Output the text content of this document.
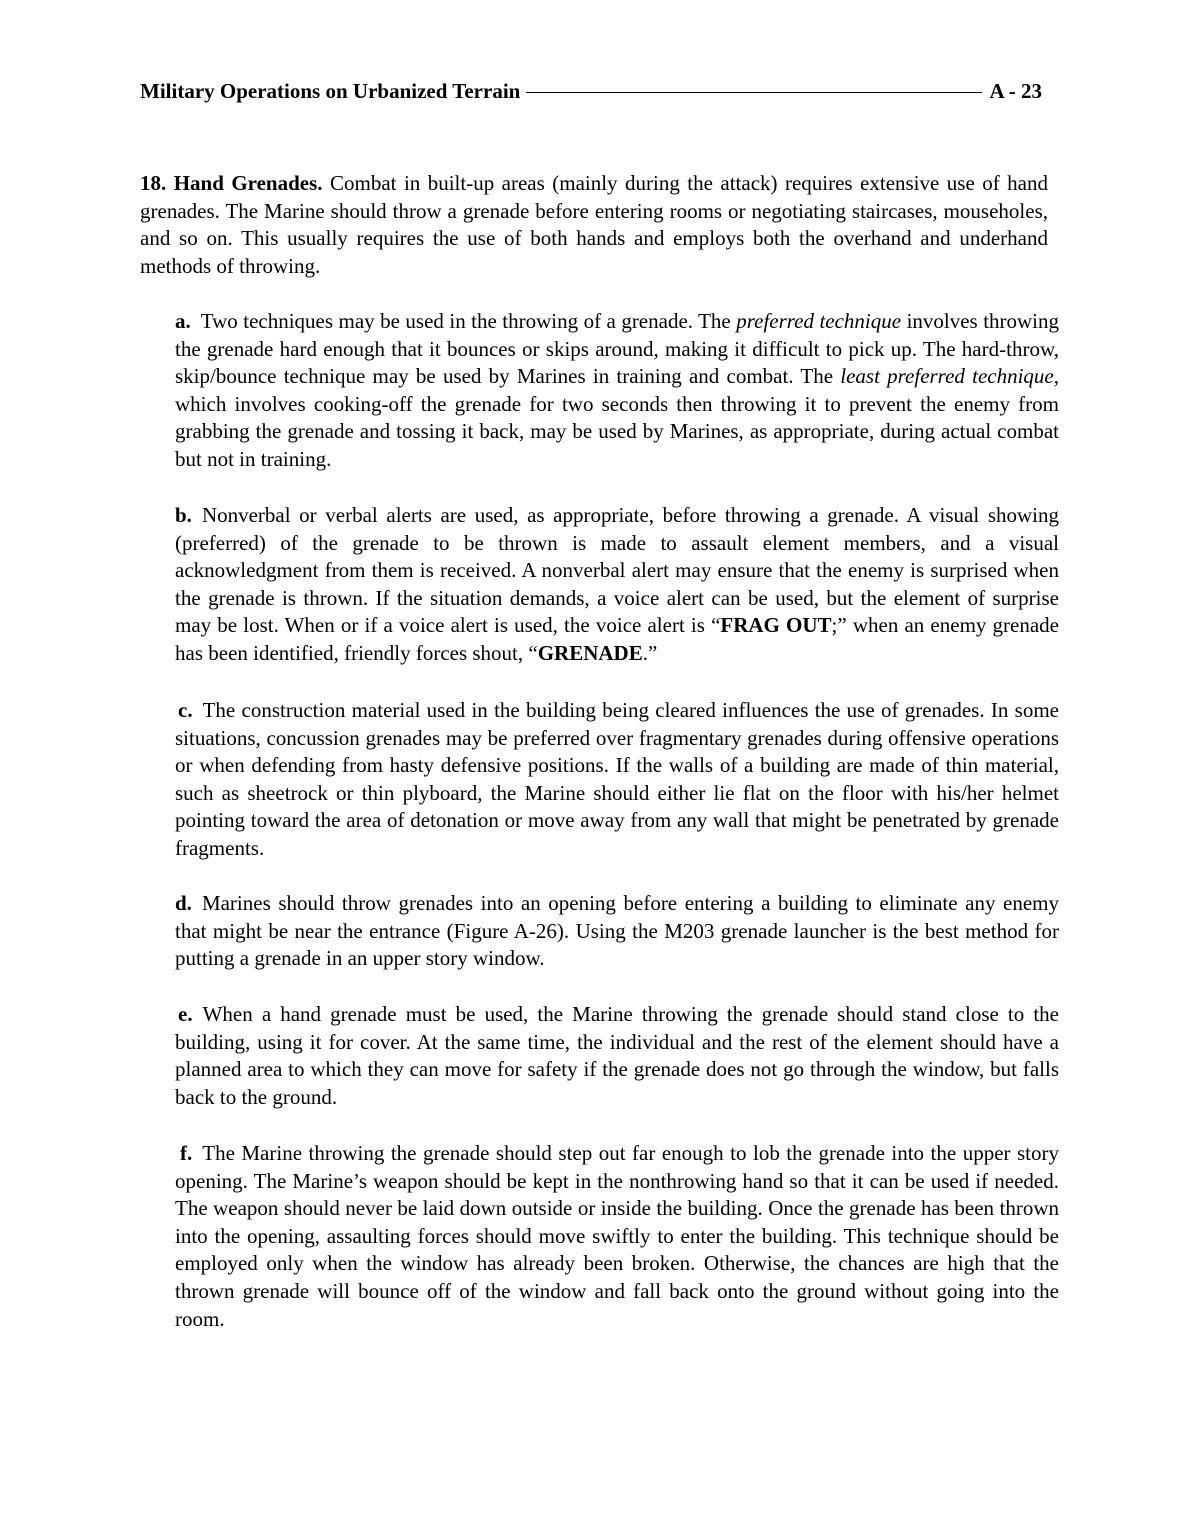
Military Operations on Urbanized Terrain	A - 23

18. Hand Grenades. Combat in built-up areas (mainly during the attack) requires extensive use of hand grenades. The Marine should throw a grenade before entering rooms or negotiating staircases, mouseholes, and so on. This usually requires the use of both hands and employs both the overhand and underhand methods of throwing.

a. Two techniques may be used in the throwing of a grenade. The preferred technique involves throwing the grenade hard enough that it bounces or skips around, making it difficult to pick up. The hard-throw, skip/bounce technique may be used by Marines in training and combat. The least preferred technique, which involves cooking-off the grenade for two seconds then throwing it to prevent the enemy from grabbing the grenade and tossing it back, may be used by Marines, as appropriate, during actual combat but not in training.

b. Nonverbal or verbal alerts are used, as appropriate, before throwing a grenade. A visual showing (preferred) of the grenade to be thrown is made to assault element members, and a visual acknowledgment from them is received. A nonverbal alert may ensure that the enemy is surprised when the grenade is thrown. If the situation demands, a voice alert can be used, but the element of surprise may be lost. When or if a voice alert is used, the voice alert is “FRAG OUT;” when an enemy grenade has been identified, friendly forces shout, “GRENADE.”

c. The construction material used in the building being cleared influences the use of grenades. In some situations, concussion grenades may be preferred over fragmentary grenades during offensive operations or when defending from hasty defensive positions. If the walls of a building are made of thin material, such as sheetrock or thin plyboard, the Marine should either lie flat on the floor with his/her helmet pointing toward the area of detonation or move away from any wall that might be penetrated by grenade fragments.

d. Marines should throw grenades into an opening before entering a building to eliminate any enemy that might be near the entrance (Figure A-26). Using the M203 grenade launcher is the best method for putting a grenade in an upper story window.

e. When a hand grenade must be used, the Marine throwing the grenade should stand close to the building, using it for cover. At the same time, the individual and the rest of the element should have a planned area to which they can move for safety if the grenade does not go through the window, but falls back to the ground.

f. The Marine throwing the grenade should step out far enough to lob the grenade into the upper story opening. The Marine’s weapon should be kept in the nonthrowing hand so that it can be used if needed. The weapon should never be laid down outside or inside the building. Once the grenade has been thrown into the opening, assaulting forces should move swiftly to enter the building. This technique should be employed only when the window has already been broken. Otherwise, the chances are high that the thrown grenade will bounce off of the window and fall back onto the ground without going into the room.
